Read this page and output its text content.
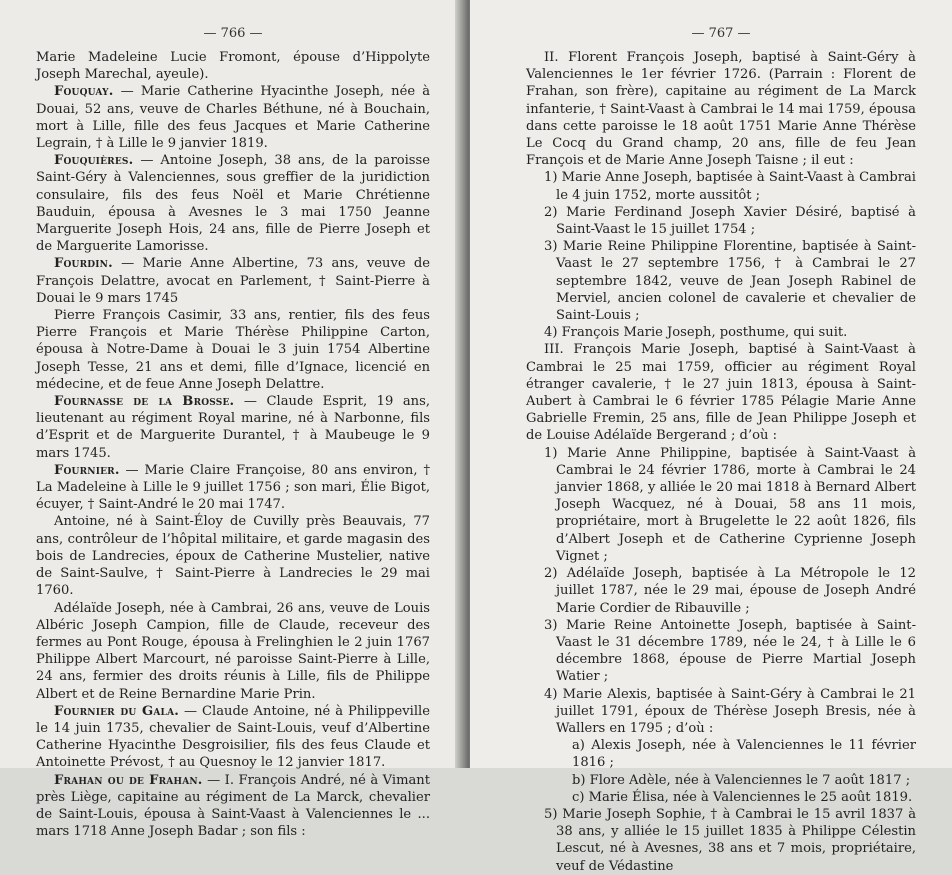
— 766 —

Marie Madeleine Lucie Fromont, épouse d’Hippolyte Joseph Marechal, ayeule).

Fouquay. — Marie Catherine Hyacinthe Joseph, née à Douai, 52 ans, veuve de Charles Béthune, né à Bouchain, mort à Lille, fille des feus Jacques et Marie Catherine Legrain, † à Lille le 9 janvier 1819.

Fouquières. — Antoine Joseph, 38 ans, de la paroisse Saint-Géry à Valenciennes, sous greffier de la juridiction consulaire, fils des feus Noël et Marie Chrétienne Bauduin, épousa à Avesnes le 3 mai 1750 Jeanne Marguerite Joseph Hois, 24 ans, fille de Pierre Joseph et de Marguerite Lamorisse.

Fourdin. — Marie Anne Albertine, 73 ans, veuve de François Delattre, avocat en Parlement, † Saint-Pierre à Douai le 9 mars 1745

Pierre François Casimir, 33 ans, rentier, fils des feus Pierre François et Marie Thérèse Philippine Carton, épousa à Notre-Dame à Douai le 3 juin 1754 Albertine Joseph Tesse, 21 ans et demi, fille d’Ignace, licencié en médecine, et de feue Anne Joseph Delattre.

Fournasse de la Brosse. — Claude Esprit, 19 ans, lieutenant au régiment Royal marine, né à Narbonne, fils d’Esprit et de Marguerite Durantel, † à Maubeuge le 9 mars 1745.

Fournier. — Marie Claire Françoise, 80 ans environ, † La Madeleine à Lille le 9 juillet 1756 ; son mari, Élie Bigot, écuyer, † Saint-André le 20 mai 1747.

Antoine, né à Saint-Éloy de Cuvilly près Beauvais, 77 ans, contrôleur de l’hôpital militaire, et garde magasin des bois de Landrecies, époux de Catherine Mustelier, native de Saint-Saulve, † Saint-Pierre à Landrecies le 29 mai 1760.

Adélaïde Joseph, née à Cambrai, 26 ans, veuve de Louis Albéric Joseph Campion, fille de Claude, receveur des fermes au Pont Rouge, épousa à Frelinghien le 2 juin 1767 Philippe Albert Marcourt, né paroisse Saint-Pierre à Lille, 24 ans, fermier des droits réunis à Lille, fils de Philippe Albert et de Reine Bernardine Marie Prin.

Fournier du Gala. — Claude Antoine, né à Philippeville le 14 juin 1735, chevalier de Saint-Louis, veuf d’Albertine Catherine Hyacinthe Desgroisilier, fils des feus Claude et Antoinette Prévost, † au Quesnoy le 12 janvier 1817.

Frahan ou de Frahan. — I. François André, né à Vimant près Liège, capitaine au régiment de La Marck, chevalier de Saint-Louis, épousa à Saint-Vaast à Valenciennes le ... mars 1718 Anne Joseph Badar ; son fils :

— 767 —

II. Florent François Joseph, baptisé à Saint-Géry à Valenciennes le 1er février 1726. (Parrain : Florent de Frahan, son frère), capitaine au régiment de La Marck infanterie, † Saint-Vaast à Cambrai le 14 mai 1759, épousa dans cette paroisse le 18 août 1751 Marie Anne Thérèse Le Cocq du Grand champ, 20 ans, fille de feu Jean François et de Marie Anne Joseph Taisne ; il eut :

1) Marie Anne Joseph, baptisée à Saint-Vaast à Cambrai le 4 juin 1752, morte aussitôt ;

2) Marie Ferdinand Joseph Xavier Désiré, baptisé à Saint-Vaast le 15 juillet 1754 ;

3) Marie Reine Philippine Florentine, baptisée à Saint-Vaast le 27 septembre 1756, † à Cambrai le 27 septembre 1842, veuve de Jean Joseph Rabinel de Merviel, ancien colonel de cavalerie et chevalier de Saint-Louis ;

4) François Marie Joseph, posthume, qui suit.

III. François Marie Joseph, baptisé à Saint-Vaast à Cambrai le 25 mai 1759, officier au régiment Royal étranger cavalerie, † le 27 juin 1813, épousa à Saint-Aubert à Cambrai le 6 février 1785 Pélagie Marie Anne Gabrielle Fremin, 25 ans, fille de Jean Philippe Joseph et de Louise Adélaïde Bergerand ; d’où :

1) Marie Anne Philippine, baptisée à Saint-Vaast à Cambrai le 24 février 1786, morte à Cambrai le 24 janvier 1868, y alliée le 20 mai 1818 à Bernard Albert Joseph Wacquez, né à Douai, 58 ans 11 mois, propriétaire, mort à Brugelette le 22 août 1826, fils d’Albert Joseph et de Catherine Cyprienne Joseph Vignet ;

2) Adélaïde Joseph, baptisée à La Métropole le 12 juillet 1787, née le 29 mai, épouse de Joseph André Marie Cordier de Ribauville ;

3) Marie Reine Antoinette Joseph, baptisée à Saint-Vaast le 31 décembre 1789, née le 24, † à Lille le 6 décembre 1868, épouse de Pierre Martial Joseph Watier ;

4) Marie Alexis, baptisée à Saint-Géry à Cambrai le 21 juillet 1791, époux de Thérèse Joseph Bresis, née à Wallers en 1795 ; d’où :

a) Alexis Joseph, née à Valenciennes le 11 février 1816 ;

b) Flore Adèle, née à Valenciennes le 7 août 1817 ;

c) Marie Élisa, née à Valenciennes le 25 août 1819.

5) Marie Joseph Sophie, † à Cambrai le 15 avril 1837 à 38 ans, y alliée le 15 juillet 1835 à Philippe Célestin Lescut, né à Avesnes, 38 ans et 7 mois, propriétaire, veuf de Védastine
